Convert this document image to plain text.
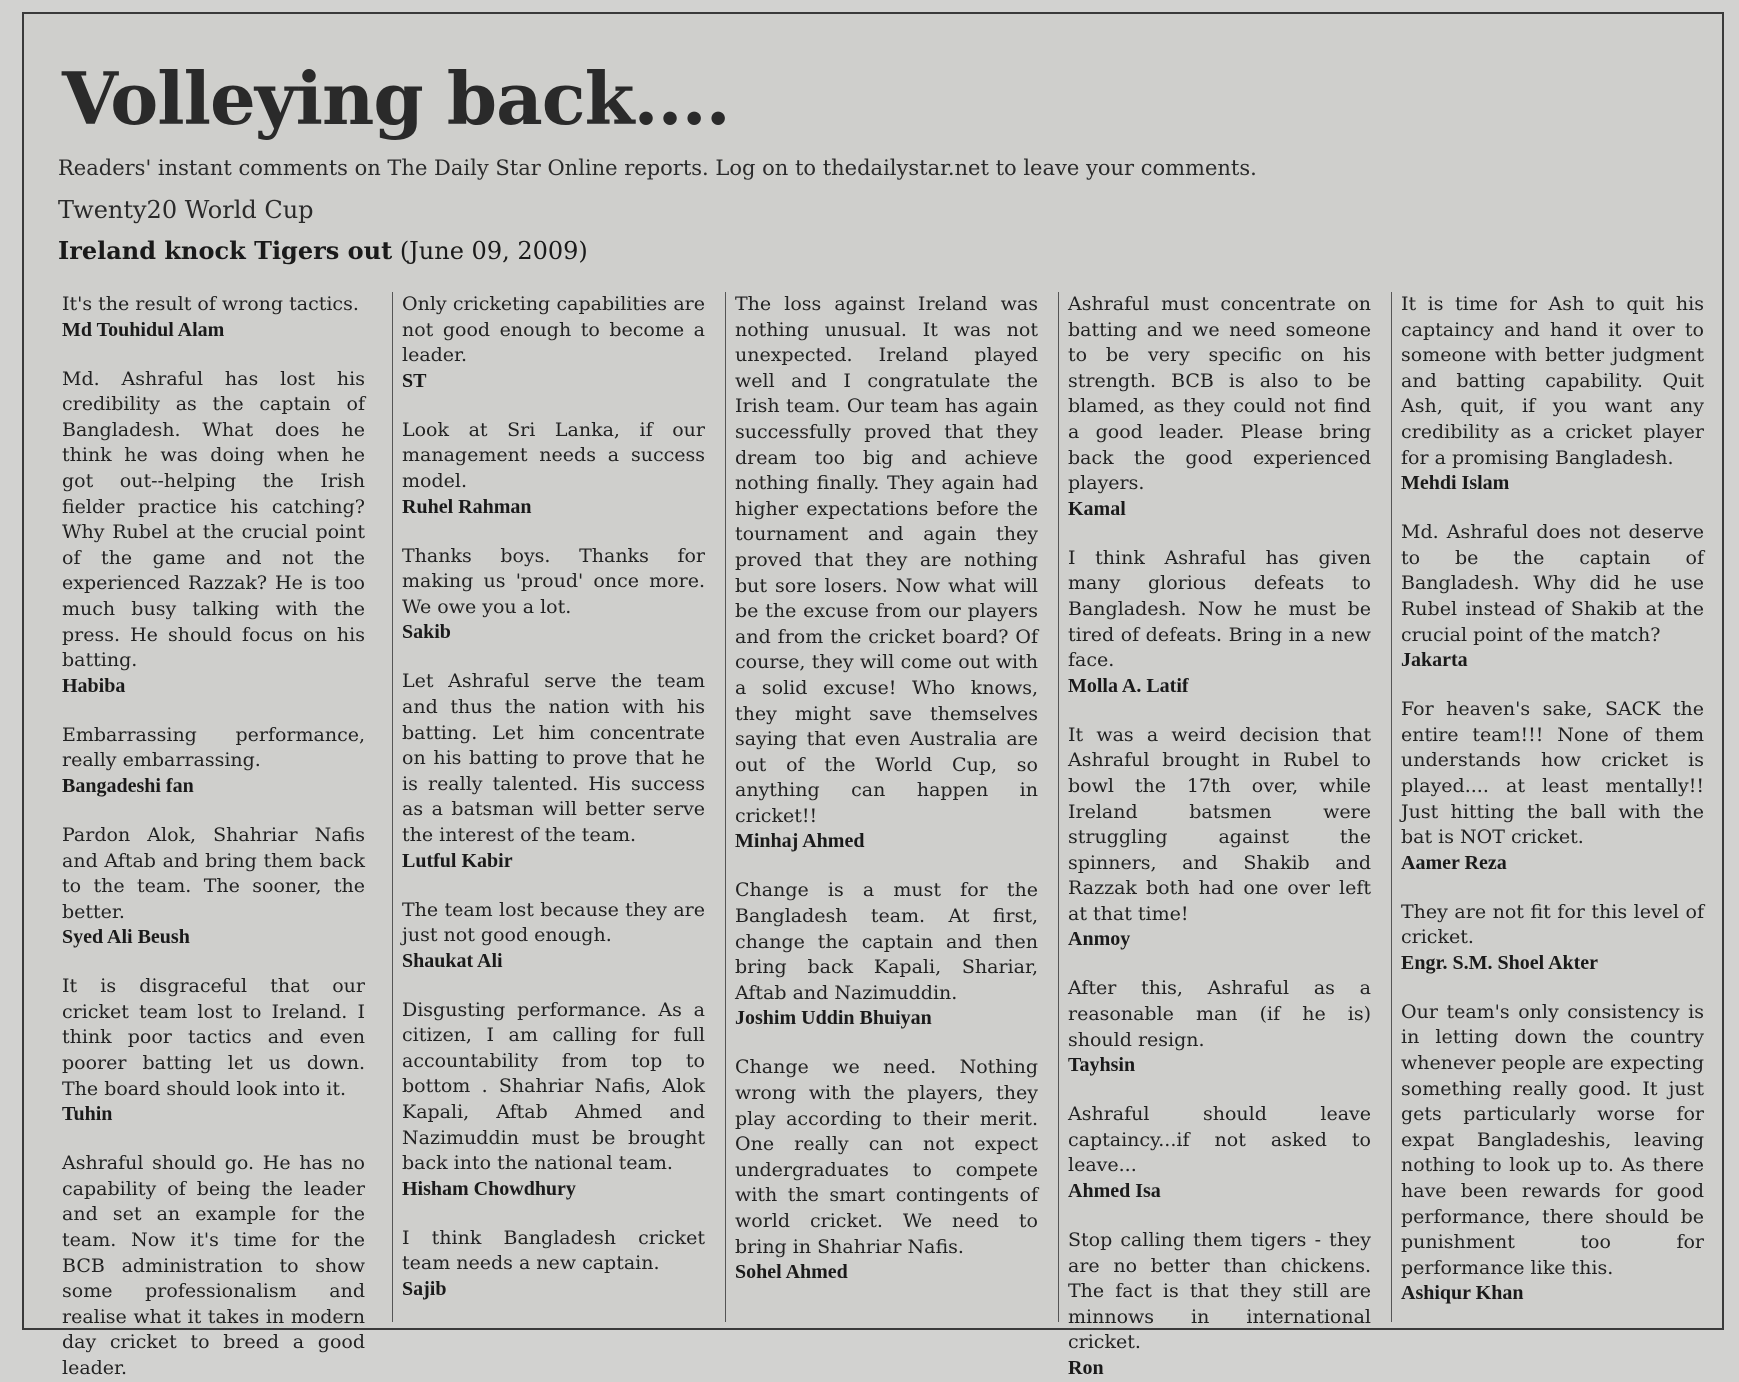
Volleying back....
Readers' instant comments on The Daily Star Online reports. Log on to thedailystar.net to leave your comments.
Twenty20 World Cup
Ireland knock Tigers out (June 09, 2009)

It's the result of wrong tactics.

Md Touhidul Alam

Md. Ashraful has lost his credibility as the captain of Bangladesh. What does he think he was doing when he got out--helping the Irish fielder practice his catching? Why Rubel at the crucial point of the game and not the experienced Razzak? He is too much busy talking with the press. He should focus on his batting.

Habiba

Embarrassing performance, really embarrassing.

Bangadeshi fan

Pardon Alok, Shahriar Nafis and Aftab and bring them back to the team. The sooner, the better.

Syed Ali Beush

It is disgraceful that our cricket team lost to Ireland. I think poor tactics and even poorer batting let us down. The board should look into it.

Tuhin

Ashraful should go. He has no capability of being the leader and set an example for the team. Now it's time for the BCB administration to show some professionalism and realise what it takes in modern day cricket to breed a good leader.

Only cricketing capabilities are not good enough to become a leader.

ST

Look at Sri Lanka, if our management needs a success model.

Ruhel Rahman

Thanks boys. Thanks for making us 'proud' once more. We owe you a lot.

Sakib

Let Ashraful serve the team and thus the nation with his batting. Let him concentrate on his batting to prove that he is really talented. His success as a batsman will better serve the interest of the team.

Lutful Kabir

The team lost because they are just not good enough.

Shaukat Ali

Disgusting performance. As a citizen, I am calling for full accountability from top to bottom . Shahriar Nafis, Alok Kapali, Aftab Ahmed and Nazimuddin must be brought back into the national team.

Hisham Chowdhury

I think Bangladesh cricket team needs a new captain.

Sajib

The loss against Ireland was nothing unusual. It was not unexpected. Ireland played well and I congratulate the Irish team. Our team has again successfully proved that they dream too big and achieve nothing finally. They again had higher expectations before the tournament and again they proved that they are nothing but sore losers. Now what will be the excuse from our players and from the cricket board? Of course, they will come out with a solid excuse! Who knows, they might save themselves saying that even Australia are out of the World Cup, so anything can happen in cricket!!

Minhaj Ahmed

Change is a must for the Bangladesh team. At first, change the captain and then bring back Kapali, Shariar, Aftab and Nazimuddin.

Joshim Uddin Bhuiyan

Change we need. Nothing wrong with the players, they play according to their merit. One really can not expect undergraduates to compete with the smart contingents of world cricket. We need to bring in Shahriar Nafis.

Sohel Ahmed

Ashraful must concentrate on batting and we need someone to be very specific on his strength. BCB is also to be blamed, as they could not find a good leader. Please bring back the good experienced players.

Kamal

I think Ashraful has given many glorious defeats to Bangladesh. Now he must be tired of defeats. Bring in a new face.

Molla A. Latif

It was a weird decision that Ashraful brought in Rubel to bowl the 17th over, while Ireland batsmen were struggling against the spinners, and Shakib and Razzak both had one over left at that time!

Anmoy

After this, Ashraful as a reasonable man (if he is) should resign.

Tayhsin

Ashraful should leave captaincy...if not asked to leave...

Ahmed Isa

Stop calling them tigers - they are no better than chickens. The fact is that they still are minnows in international cricket.

Ron

It is time for Ash to quit his captaincy and hand it over to someone with better judgment and batting capability. Quit Ash, quit, if you want any credibility as a cricket player for a promising Bangladesh.

Mehdi Islam

Md. Ashraful does not deserve to be the captain of Bangladesh. Why did he use Rubel instead of Shakib at the crucial point of the match?

Jakarta

For heaven's sake, SACK the entire team!!! None of them understands how cricket is played.... at least mentally!! Just hitting the ball with the bat is NOT cricket.

Aamer Reza

They are not fit for this level of cricket.

Engr. S.M. Shoel Akter

Our team's only consistency is in letting down the country whenever people are expecting something really good. It just gets particularly worse for expat Bangladeshis, leaving nothing to look up to. As there have been rewards for good performance, there should be punishment too for performance like this.

Ashiqur Khan
